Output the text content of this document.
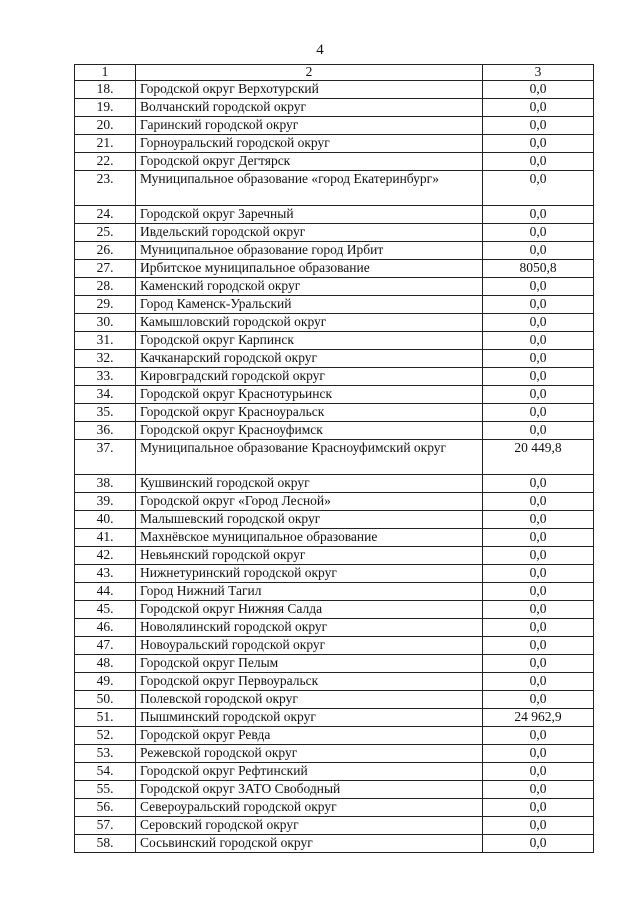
4
1	2	3
18.	Городской округ Верхотурский	0,0
19.	Волчанский городской округ	0,0
20.	Гаринский городской округ	0,0
21.	Горноуральский городской округ	0,0
22.	Городской округ Дегтярск	0,0
23.	Муниципальное образование «город Екатеринбург»	0,0
24.	Городской округ Заречный	0,0
25.	Ивдельский городской округ	0,0
26.	Муниципальное образование город Ирбит	0,0
27.	Ирбитское муниципальное образование	8050,8
28.	Каменский городской округ	0,0
29.	Город Каменск-Уральский	0,0
30.	Камышловский городской округ	0,0
31.	Городской округ Карпинск	0,0
32.	Качканарский городской округ	0,0
33.	Кировградский городской округ	0,0
34.	Городской округ Краснотурьинск	0,0
35.	Городской округ Красноуральск	0,0
36.	Городской округ Красноуфимск	0,0
37.	Муниципальное образование Красноуфимский округ	20 449,8
38.	Кушвинский городской округ	0,0
39.	Городской округ «Город Лесной»	0,0
40.	Малышевский городской округ	0,0
41.	Махнёвское муниципальное образование	0,0
42.	Невьянский городской округ	0,0
43.	Нижнетуринский городской округ	0,0
44.	Город Нижний Тагил	0,0
45.	Городской округ Нижняя Салда	0,0
46.	Новолялинский городской округ	0,0
47.	Новоуральский городской округ	0,0
48.	Городской округ Пелым	0,0
49.	Городской округ Первоуральск	0,0
50.	Полевской городской округ	0,0
51.	Пышминский городской округ	24 962,9
52.	Городской округ Ревда	0,0
53.	Режевской городской округ	0,0
54.	Городской округ Рефтинский	0,0
55.	Городской округ ЗАТО Свободный	0,0
56.	Североуральский городской округ	0,0
57.	Серовский городской округ	0,0
58.	Сосьвинский городской округ	0,0
